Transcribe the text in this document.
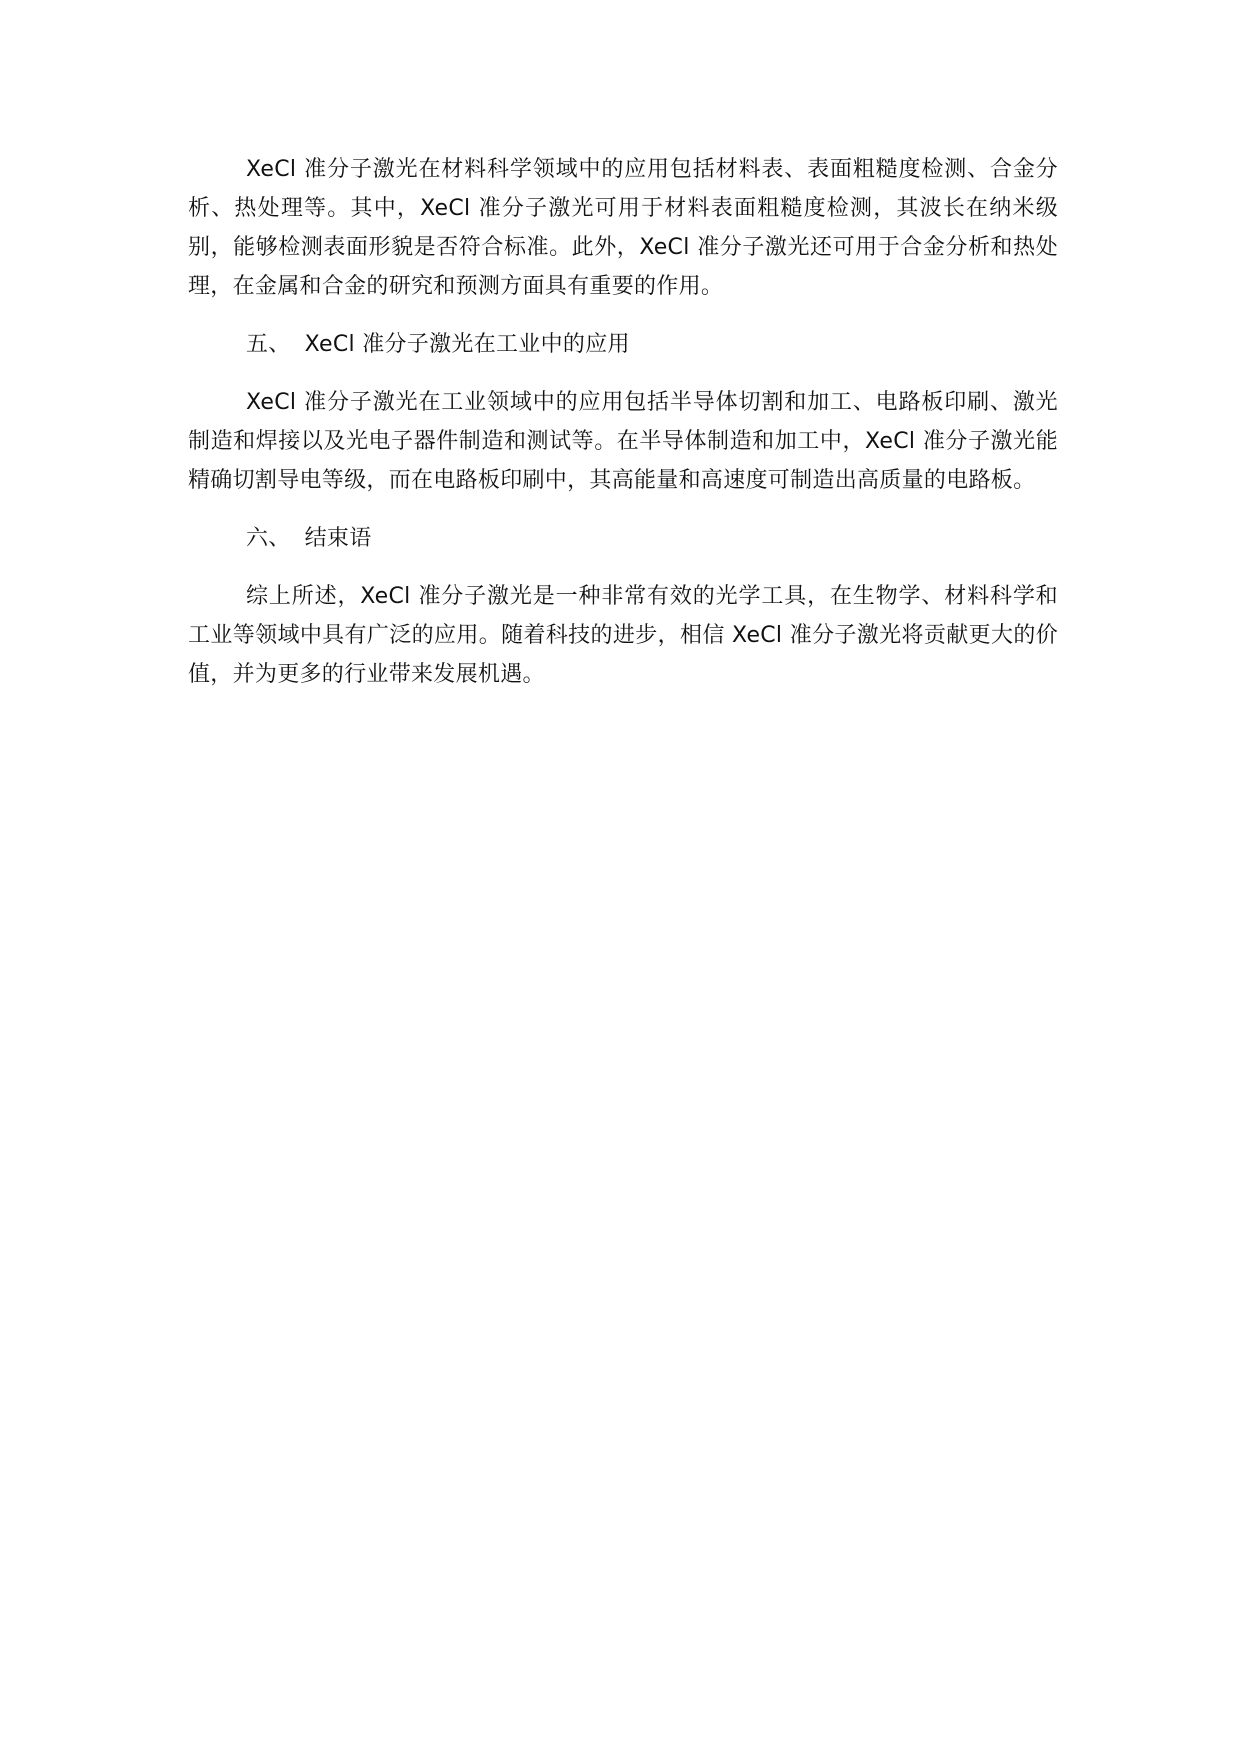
XeCl 准分子激光在材料科学领域中的应用包括材料表、表面粗糙度检测、合金分析、热处理等。其中，XeCl 准分子激光可用于材料表面粗糙度检测，其波长在纳米级别，能够检测表面形貌是否符合标准。此外，XeCl 准分子激光还可用于合金分析和热处理，在金属和合金的研究和预测方面具有重要的作用。

五、 XeCl 准分子激光在工业中的应用

XeCl 准分子激光在工业领域中的应用包括半导体切割和加工、电路板印刷、激光制造和焊接以及光电子器件制造和测试等。在半导体制造和加工中，XeCl 准分子激光能精确切割导电等级，而在电路板印刷中，其高能量和高速度可制造出高质量的电路板。

六、 结束语

综上所述，XeCl 准分子激光是一种非常有效的光学工具，在生物学、材料科学和工业等领域中具有广泛的应用。随着科技的进步，相信 XeCl 准分子激光将贡献更大的价值，并为更多的行业带来发展机遇。
